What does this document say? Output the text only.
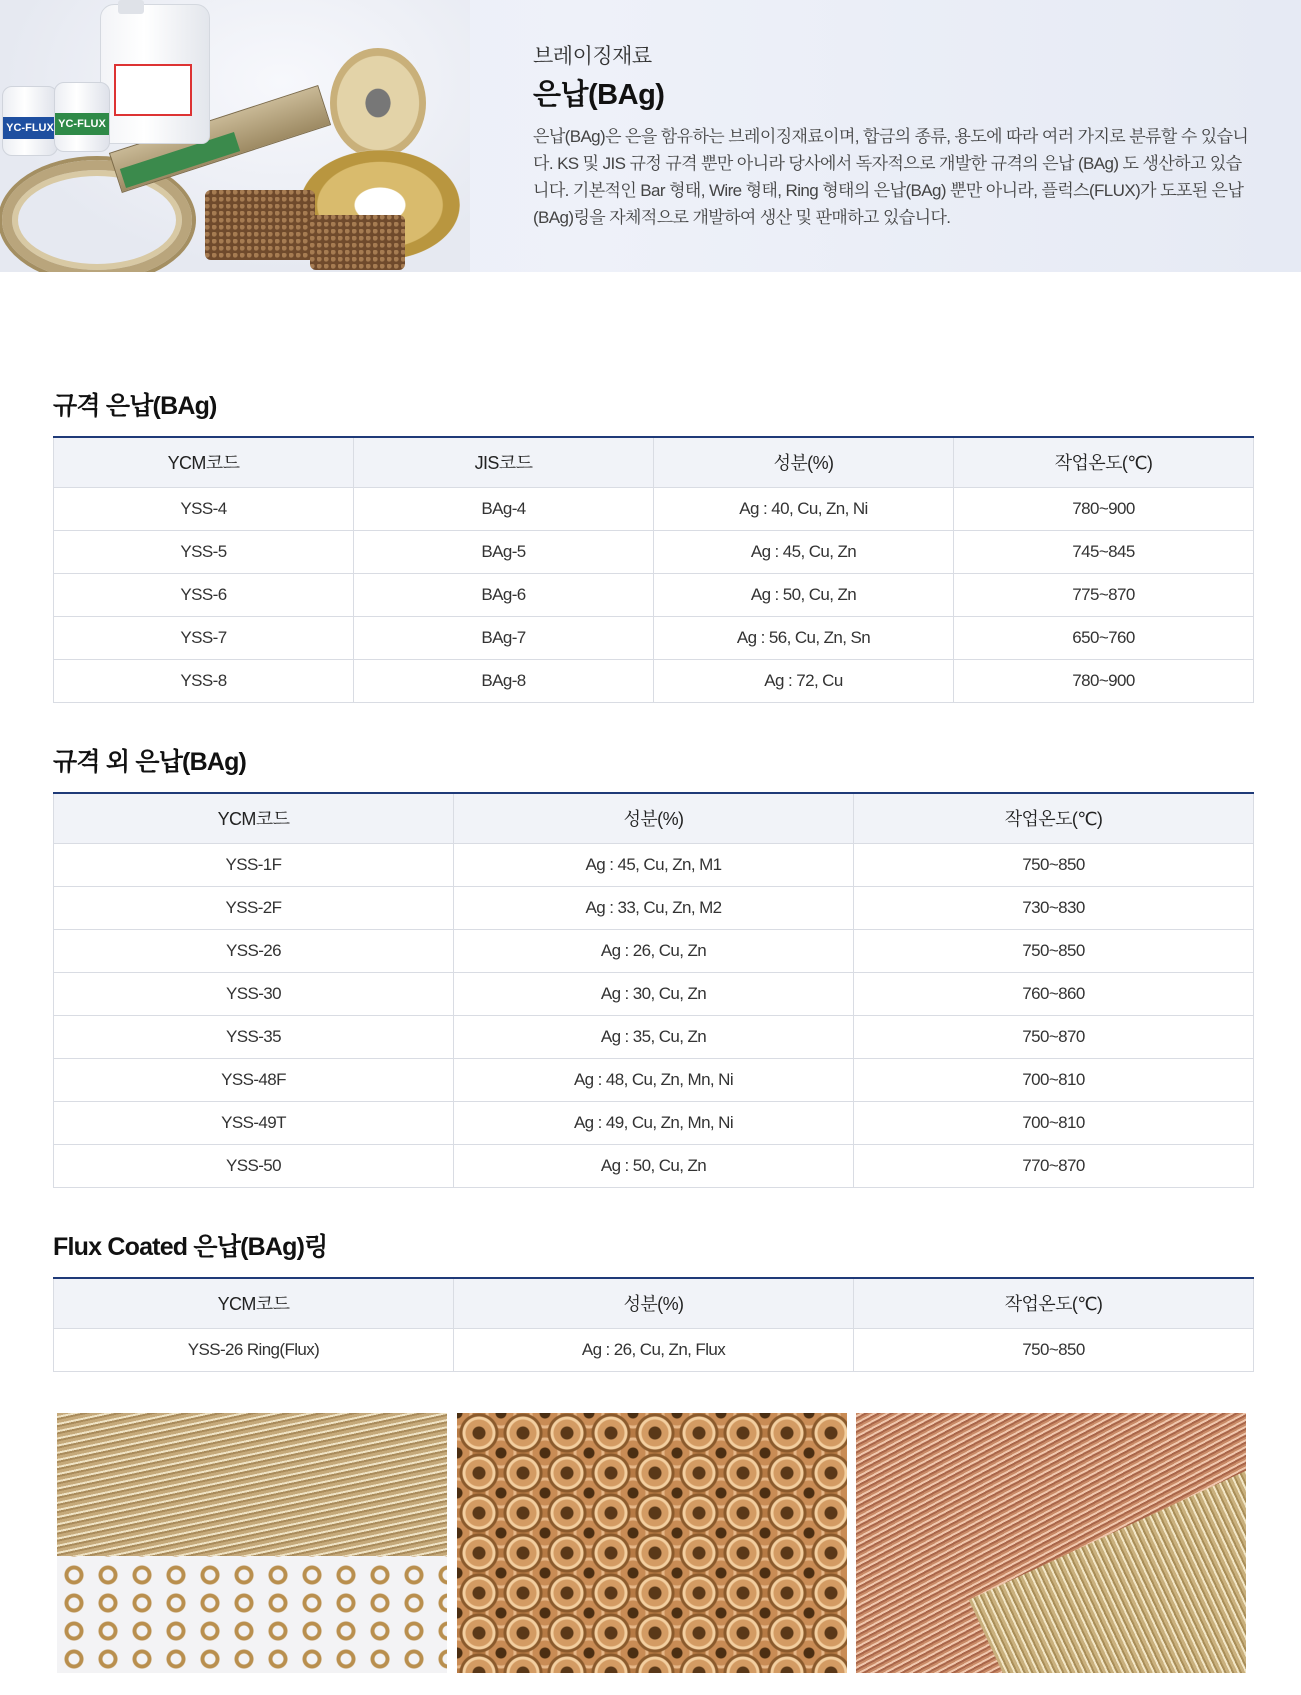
YC-FLUX YC-FLUX
브레이징재료
은납(BAg)

은납(BAg)은 은을 함유하는 브레이징재료이며, 합금의 종류, 용도에 따라 여러 가지로 분류할 수 있습니다. KS 및 JIS 규정 규격 뿐만 아니라 당사에서 독자적으로 개발한 규격의 은납 (BAg) 도 생산하고 있습니다. 기본적인 Bar 형태, Wire 형태, Ring 형태의 은납(BAg) 뿐만 아니라, 플럭스(FLUX)가 도포된 은납(BAg)링을 자체적으로 개발하여 생산 및 판매하고 있습니다.

규격 은납(BAg)
YCM코드	JIS코드	성분(%)	작업온도(℃)
YSS-4	BAg-4	Ag : 40, Cu, Zn, Ni	780~900
YSS-5	BAg-5	Ag : 45, Cu, Zn	745~845
YSS-6	BAg-6	Ag : 50, Cu, Zn	775~870
YSS-7	BAg-7	Ag : 56, Cu, Zn, Sn	650~760
YSS-8	BAg-8	Ag : 72, Cu	780~900
규격 외 은납(BAg)
YCM코드	성분(%)	작업온도(℃)
YSS-1F	Ag : 45, Cu, Zn, M1	750~850
YSS-2F	Ag : 33, Cu, Zn, M2	730~830
YSS-26	Ag : 26, Cu, Zn	750~850
YSS-30	Ag : 30, Cu, Zn	760~860
YSS-35	Ag : 35, Cu, Zn	750~870
YSS-48F	Ag : 48, Cu, Zn, Mn, Ni	700~810
YSS-49T	Ag : 49, Cu, Zn, Mn, Ni	700~810
YSS-50	Ag : 50, Cu, Zn	770~870
Flux Coated 은납(BAg)링
YCM코드	성분(%)	작업온도(℃)
YSS-26 Ring(Flux)	Ag : 26, Cu, Zn, Flux	750~850
